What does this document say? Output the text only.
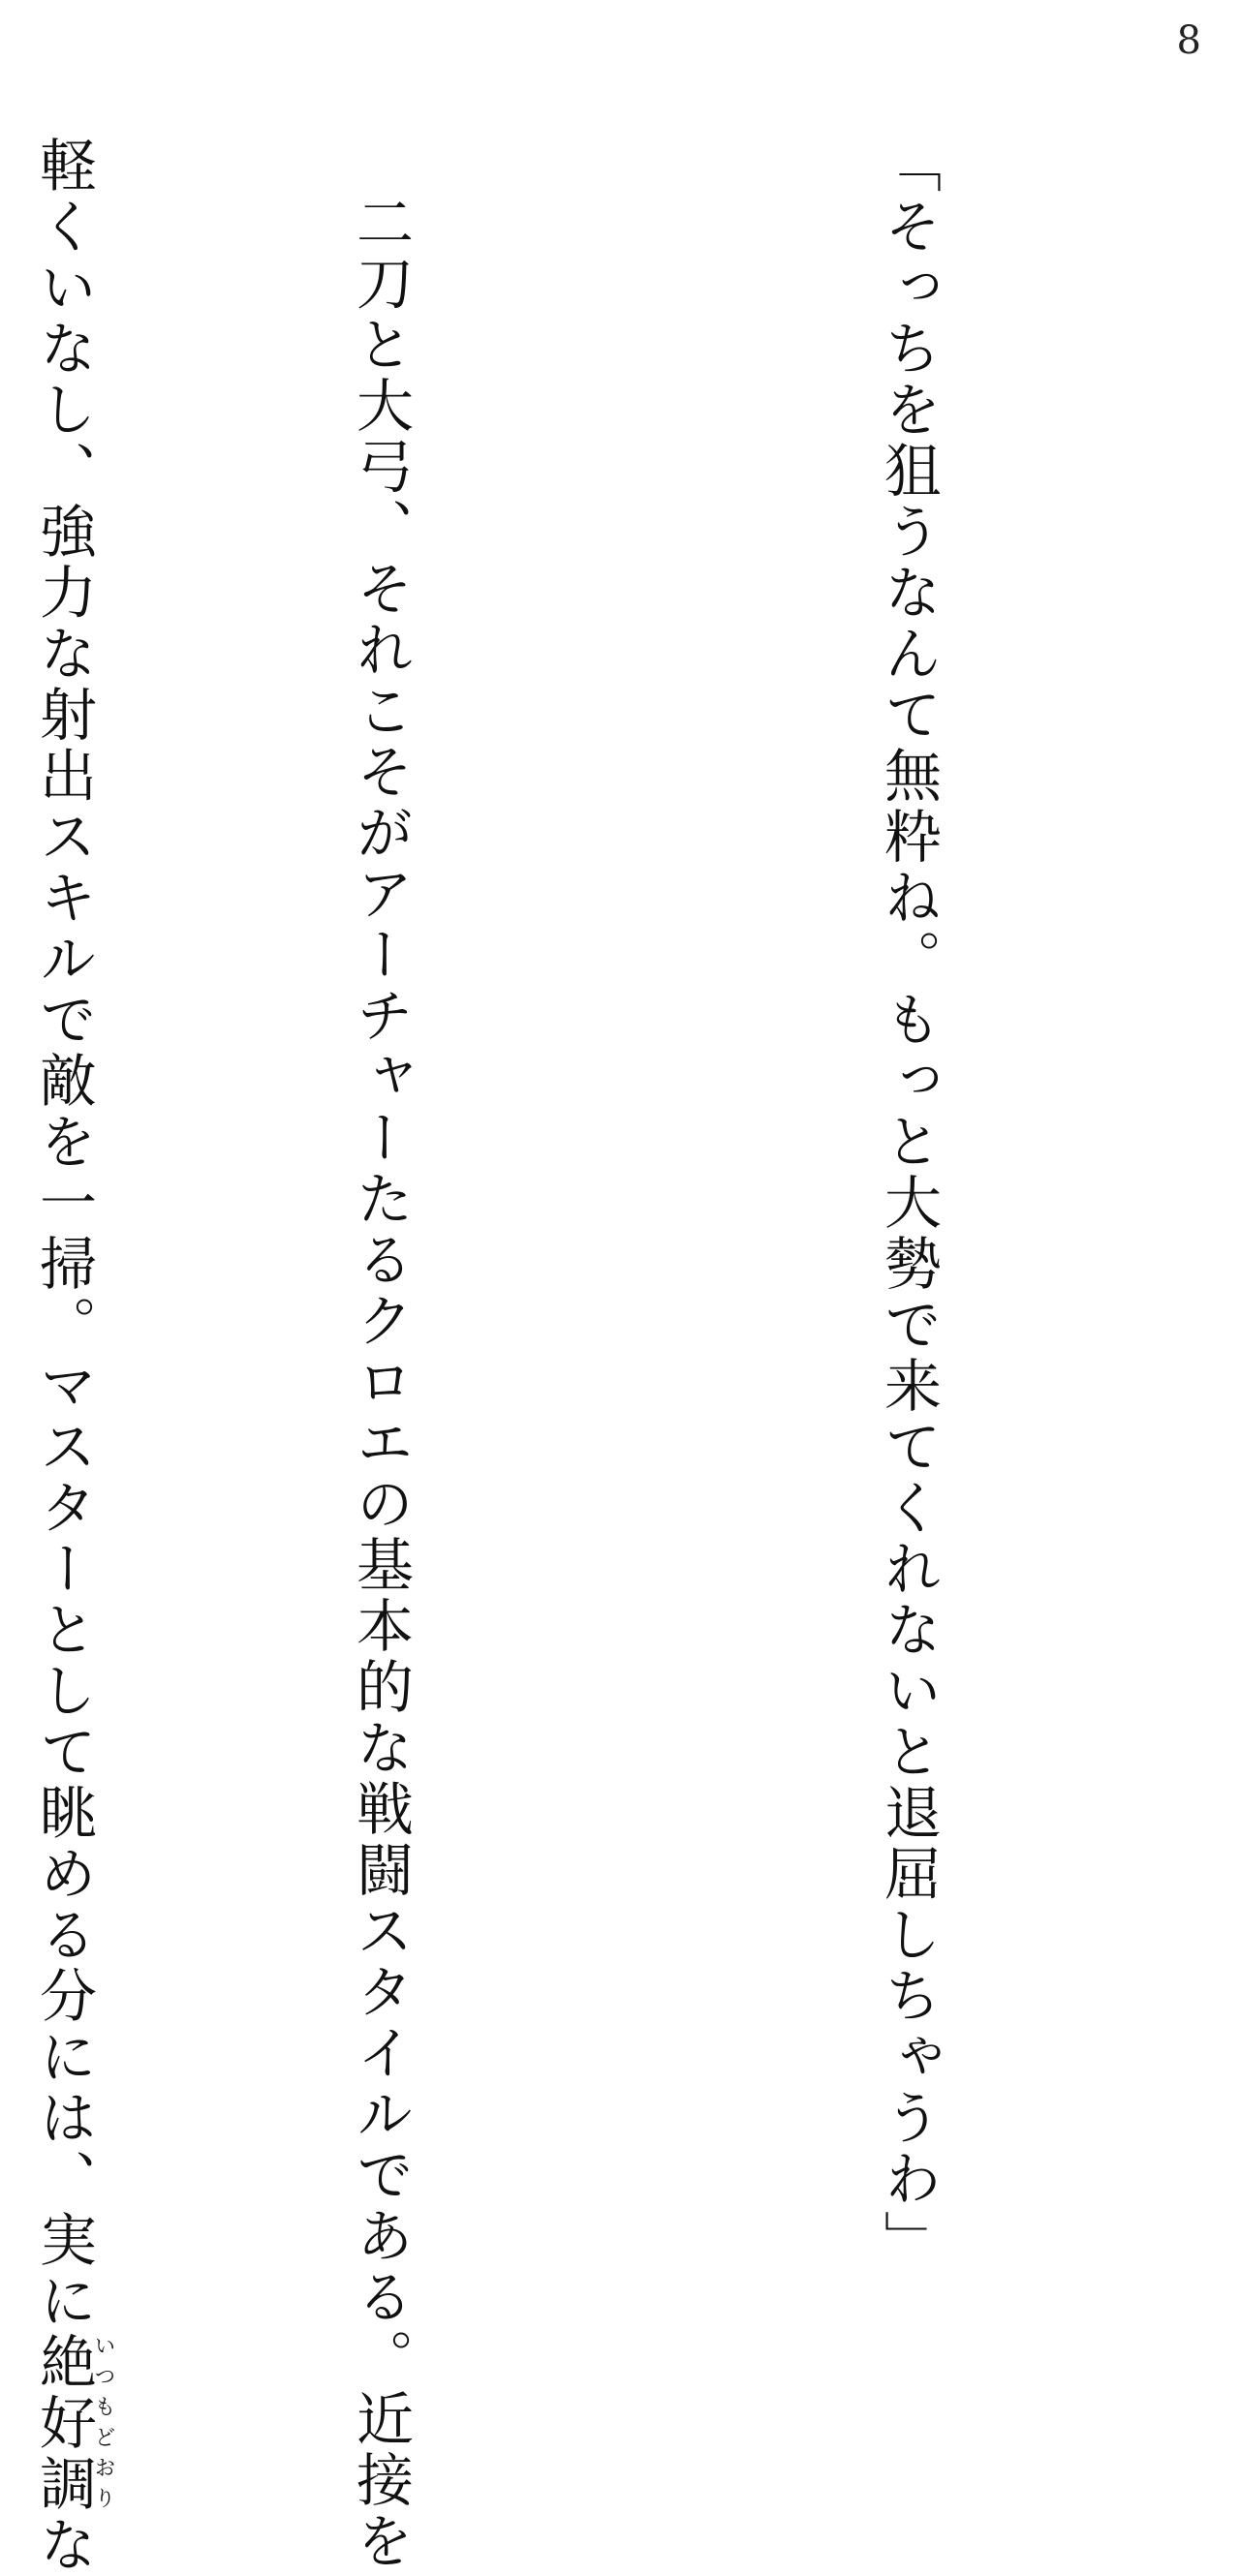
8

「そっちを狙うなんて無粋ね。もっと大勢で来てくれないと退屈しちゃうわ」

二刀と大弓、それこそがアーチャーたるクロエの基本的な戦闘スタイルである。近接を

軽くいなし、強力な射出スキルで敵を一掃。マスターとして眺める分には、実に絶好調いつもどおりな
